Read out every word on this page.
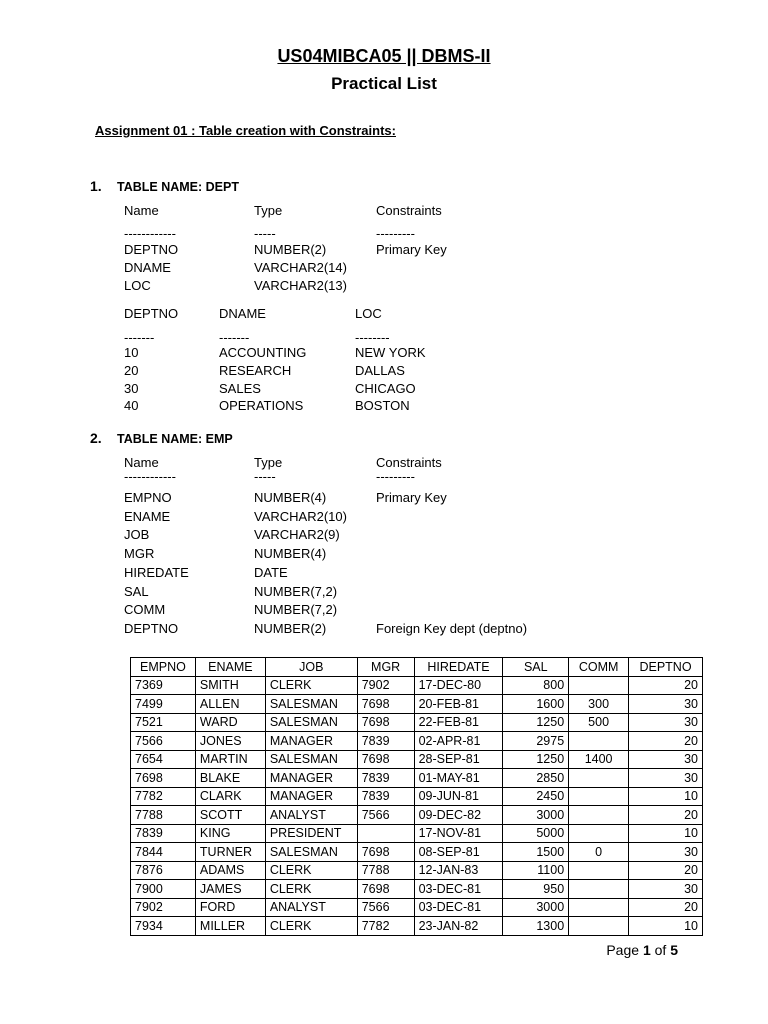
US04MIBCA05 || DBMS-II
Practical List
Assignment 01 : Table creation with Constraints:
1. TABLE NAME: DEPT
Name	Type	Constraints
------------	-----	---------
DEPTNO	NUMBER(2)	Primary Key
DNAME	VARCHAR2(14)
LOC	VARCHAR2(13)
DEPTNO	DNAME	LOC
-------	-------	--------
10	ACCOUNTING	NEW YORK
20	RESEARCH	DALLAS
30	SALES	CHICAGO
40	OPERATIONS	BOSTON
2. TABLE NAME: EMP
Name	Type	Constraints
------------	-----	---------
EMPNO	NUMBER(4)	Primary Key
ENAME	VARCHAR2(10)
JOB	VARCHAR2(9)
MGR	NUMBER(4)
HIREDATE	DATE
SAL	NUMBER(7,2)
COMM	NUMBER(7,2)
DEPTNO	NUMBER(2)	Foreign Key dept (deptno)
EMPNO	ENAME	JOB	MGR	HIREDATE	SAL	COMM	DEPTNO
7369	SMITH	CLERK	7902	17-DEC-80	800		20
7499	ALLEN	SALESMAN	7698	20-FEB-81	1600	300	30
7521	WARD	SALESMAN	7698	22-FEB-81	1250	500	30
7566	JONES	MANAGER	7839	02-APR-81	2975		20
7654	MARTIN	SALESMAN	7698	28-SEP-81	1250	1400	30
7698	BLAKE	MANAGER	7839	01-MAY-81	2850		30
7782	CLARK	MANAGER	7839	09-JUN-81	2450		10
7788	SCOTT	ANALYST	7566	09-DEC-82	3000		20
7839	KING	PRESIDENT		17-NOV-81	5000		10
7844	TURNER	SALESMAN	7698	08-SEP-81	1500	0	30
7876	ADAMS	CLERK	7788	12-JAN-83	1100		20
7900	JAMES	CLERK	7698	03-DEC-81	950		30
7902	FORD	ANALYST	7566	03-DEC-81	3000		20
7934	MILLER	CLERK	7782	23-JAN-82	1300		10
Page 1 of 5
